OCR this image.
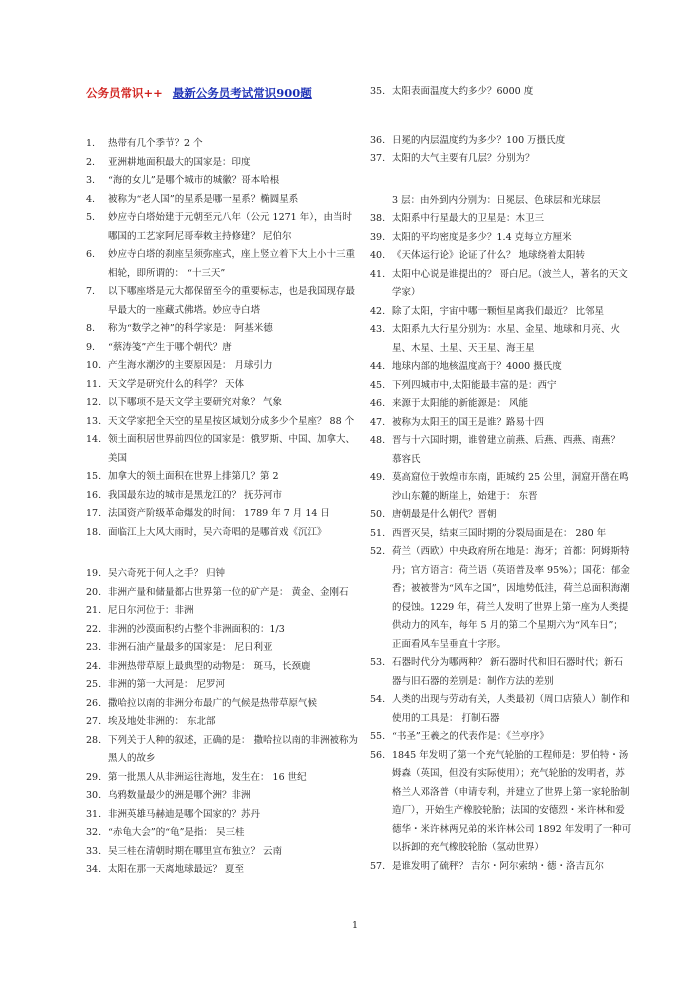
公务员常识++ 最新公务员考试常识900题
1.	热带有几个季节？2 个
2.	亚洲耕地面积最大的国家是：印度
3.	“海的女儿”是哪个城市的城徽？哥本哈根
4.	被称为“老人国”的星系是哪一星系？椭圆星系
5.	妙应寺白塔始建于元朝至元八年（公元 1271 年），由当时哪国的工艺家阿尼哥奉敕主持修建？ 尼伯尔
6.	妙应寺白塔的刹座呈须弥座式，座上竖立着下大上小十三重相轮，即所谓的： “十三天”
7.	以下哪座塔是元大都保留至今的重要标志，也是我国现存最早最大的一座藏式佛塔。妙应寺白塔
8.	称为“数学之神”的科学家是： 阿基米德
9.	“蔡涛笺”产生于哪个朝代？唐
10. 产生海水潮汐的主要原因是： 月球引力
11. 天文学是研究什么的科学？ 天体
12. 以下哪项不是天文学主要研究对象？ 气象
13. 天文学家把全天空的星星按区域划分成多少个星座？ 88 个
14. 领土面积居世界前四位的国家是：俄罗斯、中国、加拿大、美国
15. 加拿大的领土面积在世界上排第几？第 2
16. 我国最东边的城市是黑龙江的？ 抚芬河市
17. 法国资产阶级革命爆发的时间： 1789 年 7 月 14 日
18. 面临江上大风大雨时，吴六奇唱的是哪首戏《沉江》
19. 吴六奇死于何人之手？ 归钟
20. 非洲产量和储量都占世界第一位的矿产是： 黄金、金刚石
21. 尼日尔河位于：非洲
22. 非洲的沙漠面积约占整个非洲面积的：1/3
23. 非洲石油产量最多的国家是： 尼日利亚
24. 非洲热带草原上最典型的动物是： 斑马，长颈鹿
25. 非洲的第一大河是： 尼罗河
26. 撒哈拉以南的非洲分布最广的气候是热带草原气候
27. 埃及地处非洲的： 东北部
28. 下列关于人种的叙述，正确的是： 撒哈拉以南的非洲被称为黑人的故乡
29. 第一批黑人从非洲运往海地，发生在： 16 世纪
30. 乌鸦数量最少的洲是哪个洲？非洲
31. 非洲英雄马赫迪是哪个国家的？苏丹
32. “赤龟大会”的“龟”是指： 吴三桂
33. 吴三桂在清朝时期在哪里宣布独立？ 云南
34. 太阳在那一天离地球最远？ 夏至
35. 太阳表面温度大约多少？6000 度
36. 日冕的内层温度约为多少？100 万摄氏度
37. 太阳的大气主要有几层？分别为？
3 层：由外到内分别为：日冕层、色球层和光球层
38. 太阳系中行星最大的卫星是：木卫三
39. 太阳的平均密度是多少？1.4 克每立方厘米
40. 《天体运行论》论证了什么？ 地球绕着太阳转
41. 太阳中心说是谁提出的？ 哥白尼。（波兰人，著名的天文学家）
42. 除了太阳，宇宙中哪一颗恒星离我们最近？ 比邻星
43. 太阳系九大行星分别为：水星、金星、地球和月亮、火星、木星、土星、天王星、海王星
44. 地球内部的地核温度高于？4000 摄氏度
45. 下列四城市中,太阳能最丰富的是：西宁
46. 来源于太阳能的新能源是： 风能
47. 被称为太阳王的国王是谁？路易十四
48. 晋与十六国时期，谁曾建立前燕、后燕、西燕、南燕？ 慕容氏
49. 莫高窟位于敦煌市东南，距城约 25 公里，洞窟开凿在鸣沙山东麓的断崖上，始建于： 东晋
50. 唐朝最是什么朝代？晋朝
51. 西晋灭吴，结束三国时期的分裂局面是在： 280 年
52. 荷兰（西欧）中央政府所在地是：海牙；首都：阿姆斯特丹；官方语言：荷兰语（英语普及率 95%）；国花：郁金香；被被誉为“风车之国”，因地势低洼，荷兰总面积海潮的侵蚀。1229 年，荷兰人发明了世界上第一座为人类提供动力的风车，每年 5 月的第二个星期六为“风车日”；正面看风车呈垂直十字形。
53. 石器时代分为哪两种？ 新石器时代和旧石器时代；新石器与旧石器的差别是：制作方法的差别
54. 人类的出现与劳动有关，人类最初（周口店猿人）制作和使用的工具是： 打制石器
55. “书圣”王羲之的代表作是：《兰亭序》
56. 1845 年发明了第一个充气轮胎的工程师是：罗伯特・汤姆森（英国，但没有实际使用）；充气轮胎的发明者，苏格兰人邓洛普（申请专利，并建立了世界上第一家轮胎制造厂），开始生产橡胶轮胎；法国的安德烈・米许林和爱德华・米许林两兄弟的米许林公司 1892 年发明了一种可以拆卸的充气橡胶轮胎（氢动世界）
57. 是谁发明了硫秤？ 吉尔・阿尔索纳・德・洛吉瓦尔
1
